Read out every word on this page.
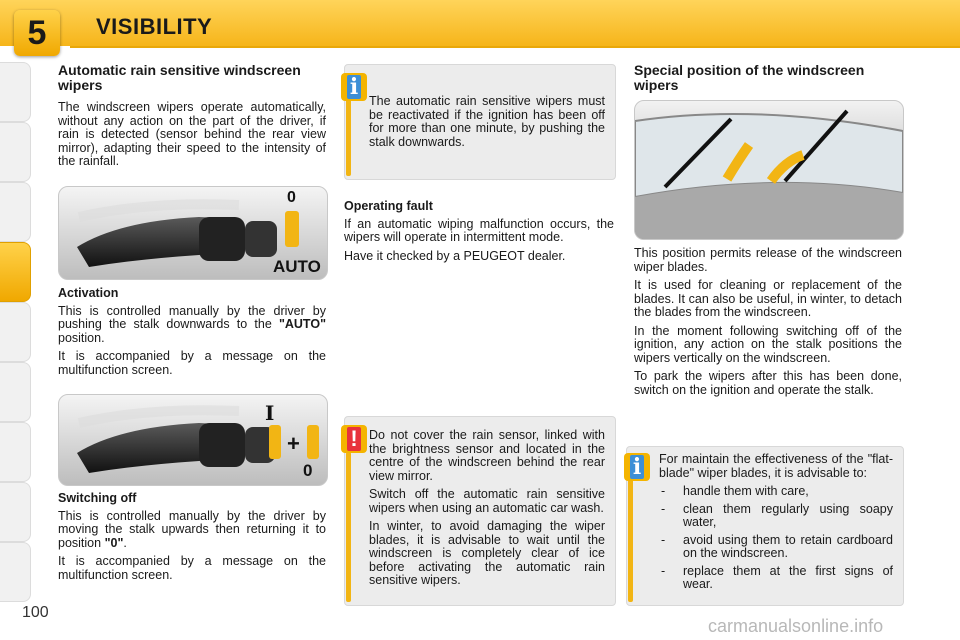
5	VISIBILITY
Automatic rain sensitive windscreen wipers

The windscreen wipers operate automatically, without any action on the part of the driver, if rain is detected (sensor behind the rear view mirror), adapting their speed to the intensity of the rainfall.

AUTO
0
Activation

This is controlled manually by the driver by pushing the stalk downwards to the "AUTO" position.

It is accompanied by a message on the multifunction screen.

I
0
+
Switching off

This is controlled manually by the driver by moving the stalk upwards then returning it to position "0".

It is accompanied by a message on the multifunction screen.

The automatic rain sensitive wipers must be reactivated if the ignition has been off for more than one minute, by pushing the stalk downwards.

i
Operating fault

If an automatic wiping malfunction occurs, the wipers will operate in intermittent mode.

Have it checked by a PEUGEOT dealer.

Do not cover the rain sensor, linked with the brightness sensor and located in the centre of the windscreen behind the rear view mirror.

Switch off the automatic rain sensitive wipers when using an automatic car wash.

In winter, to avoid damaging the wiper blades, it is advisable to wait until the windscreen is completely clear of ice before activating the automatic rain sensitive wipers.

!
Special position of the windscreen wipers

This position permits release of the windscreen wiper blades.

It is used for cleaning or replacement of the blades. It can also be useful, in winter, to detach the blades from the windscreen.

In the moment following switching off of the ignition, any action on the stalk positions the wipers vertically on the windscreen.

To park the wipers after this has been done, switch on the ignition and operate the stalk.

For maintain the effectiveness of the "flat-blade" wiper blades, it is advisable to:

- handle them with care,
- clean them regularly using soapy water,
- avoid using them to retain cardboard on the windscreen.
- replace them at the first signs of wear.
i
100
carmanualsonline.info
